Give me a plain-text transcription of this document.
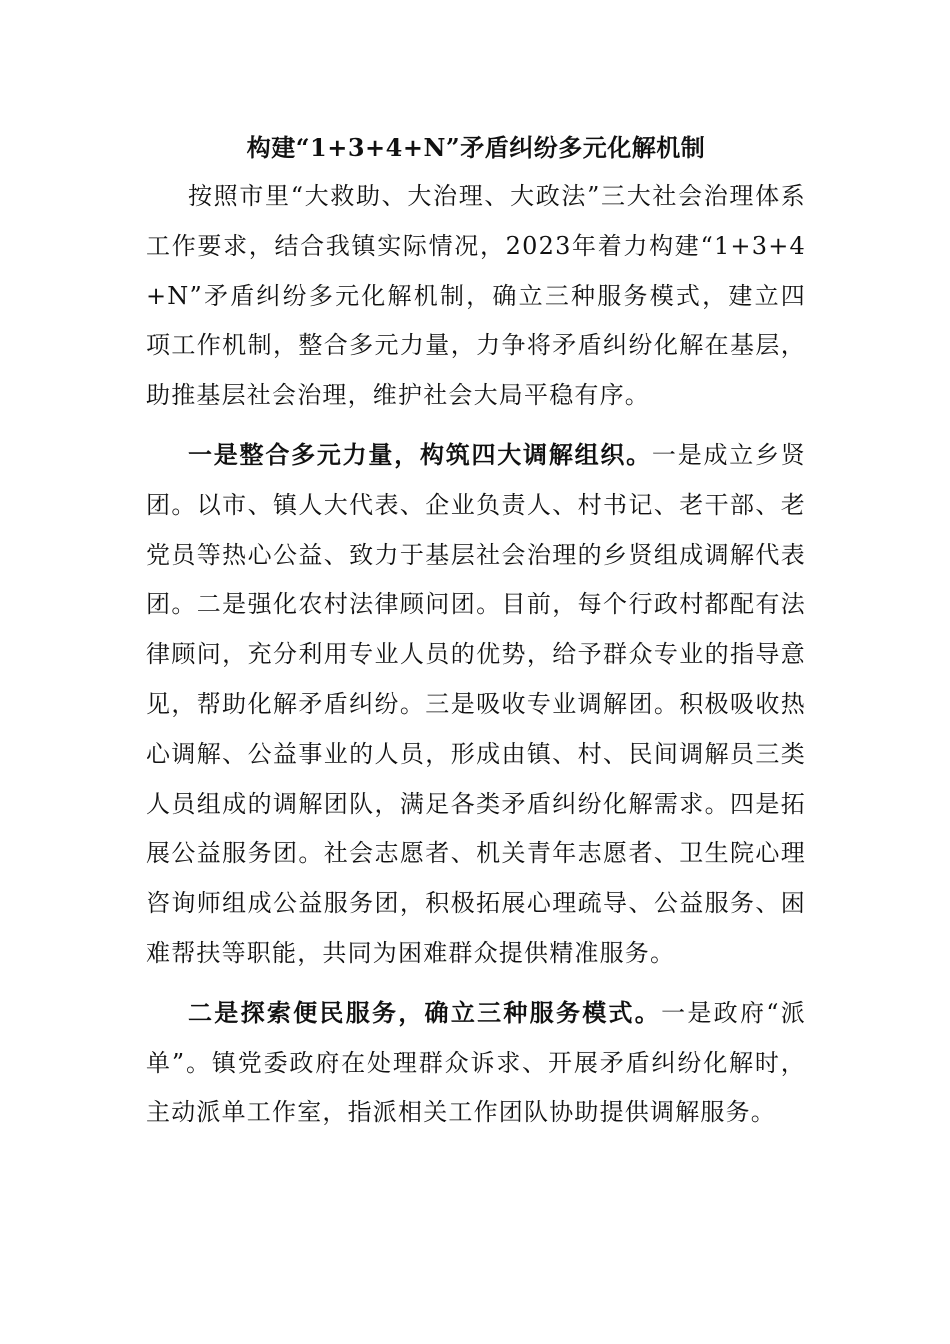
构建“1+3+4+N”矛盾纠纷多元化解机制

按照市里“大救助、大治理、大政法”三大社会治理体系工作要求，结合我镇实际情况，2023年着力构建“1+3+4+N”矛盾纠纷多元化解机制，确立三种服务模式，建立四项工作机制，整合多元力量，力争将矛盾纠纷化解在基层，助推基层社会治理，维护社会大局平稳有序。

一是整合多元力量，构筑四大调解组织。一是成立乡贤团。以市、镇人大代表、企业负责人、村书记、老干部、老党员等热心公益、致力于基层社会治理的乡贤组成调解代表团。二是强化农村法律顾问团。目前，每个行政村都配有法律顾问，充分利用专业人员的优势，给予群众专业的指导意见，帮助化解矛盾纠纷。三是吸收专业调解团。积极吸收热心调解、公益事业的人员，形成由镇、村、民间调解员三类人员组成的调解团队，满足各类矛盾纠纷化解需求。四是拓展公益服务团。社会志愿者、机关青年志愿者、卫生院心理咨询师组成公益服务团，积极拓展心理疏导、公益服务、困难帮扶等职能，共同为困难群众提供精准服务。

二是探索便民服务，确立三种服务模式。一是政府“派单”。镇党委政府在处理群众诉求、开展矛盾纠纷化解时，主动派单工作室，指派相关工作团队协助提供调解服务。
